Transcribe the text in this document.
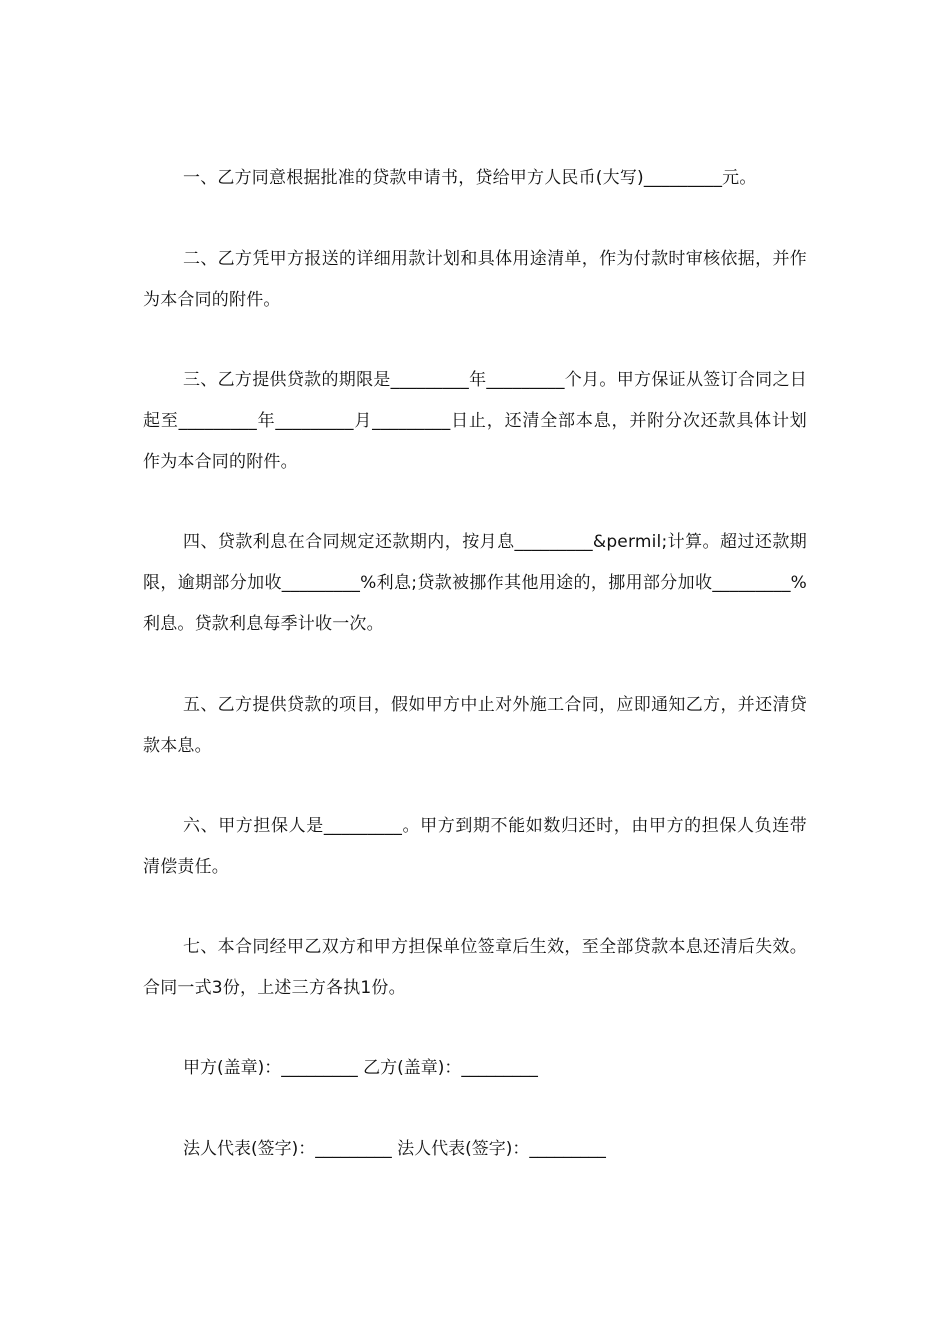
一、乙方同意根据批准的贷款申请书，贷给甲方人民币(大写)_________元。

二、乙方凭甲方报送的详细用款计划和具体用途清单，作为付款时审核依据，并作为本合同的附件。

三、乙方提供贷款的期限是_________年_________个月。甲方保证从签订合同之日起至_________年_________月_________日止，还清全部本息，并附分次还款具体计划作为本合同的附件。

四、贷款利息在合同规定还款期内，按月息_________&permil;计算。超过还款期限，逾期部分加收_________%利息;贷款被挪作其他用途的，挪用部分加收_________%利息。贷款利息每季计收一次。

五、乙方提供贷款的项目，假如甲方中止对外施工合同，应即通知乙方，并还清贷款本息。

六、甲方担保人是_________。甲方到期不能如数归还时，由甲方的担保人负连带清偿责任。

七、本合同经甲乙双方和甲方担保单位签章后生效，至全部贷款本息还清后失效。合同一式3份，上述三方各执1份。

甲方(盖章)：_________ 乙方(盖章)：_________

法人代表(签字)：_________ 法人代表(签字)：_________
